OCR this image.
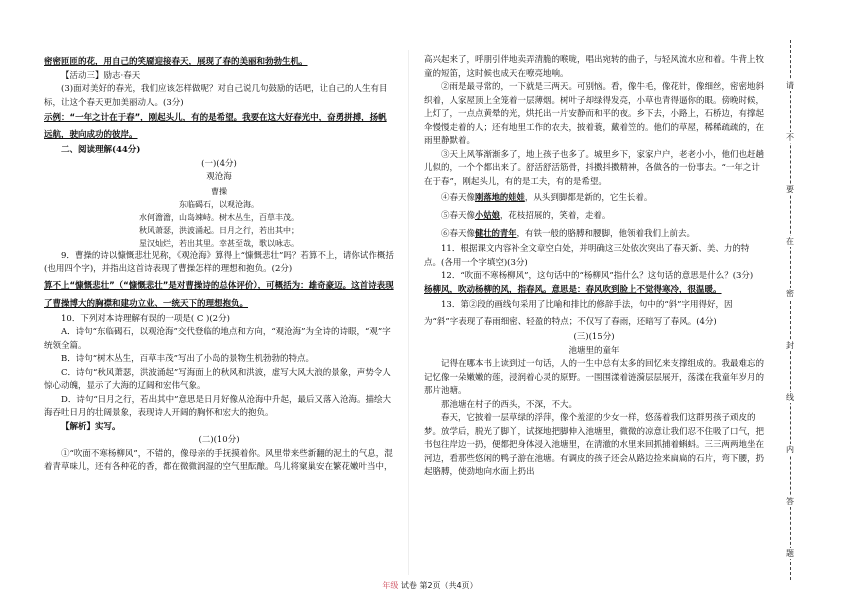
密密匝匝的花，用自己的笑靥迎接春天，展现了春的美丽和勃勃生机。

【活动三】励志·春天

(3)面对美好的春光，我们应该怎样做呢？对自己说几句鼓励的话吧，让自己的人生有目标，让这个春天更加美丽动人。(3分)

示例：“一年之计在于春”，刚起头儿，有的是希望。我要在这大好春光中，奋勇拼搏，扬帆远航，驶向成功的彼岸。

二、阅读理解(44分)

(一)(4分)

观沧海

曹操

东临碣石，以观沧海。

水何澹澹，山岛竦峙。树木丛生，百草丰茂。

秋风萧瑟，洪波涌起。日月之行，若出其中；

星汉灿烂，若出其里。幸甚至哉，歌以咏志。

9．曹操的诗以慷慨悲壮见称，《观沧海》算得上“慷慨悲壮”吗？若算不上，请你试作概括(也用四个字)，并指出这首诗表现了曹操怎样的理想和抱负。(2分)

算不上“慷慨悲壮”（“慷慨悲壮”是对曹操诗的总体评价），可概括为：雄奇豪迈。这首诗表现了曹操博大的胸襟和建功立业、一统天下的理想抱负。

10．下列对本诗理解有误的一项是( C )(2分)

A．诗句“东临碣石，以观沧海”交代登临的地点和方向，“观沧海”为全诗的诗眼，“观”字统领全篇。

B．诗句“树木丛生，百草丰茂”写出了小岛的景物生机勃勃的特点。

C．诗句“秋风萧瑟，洪波涌起”写海面上的秋风和洪波，虚写大风大浪的景象，声势令人惊心动魄，显示了大海的辽阔和宏伟气象。

D．诗句“日月之行，若出其中”意思是日月好像从沧海中升起，最后又落入沧海。描绘大海吞吐日月的壮阔景象，表现诗人开阔的胸怀和宏大的抱负。

【解析】实写。

(二)(10分)

①“吹面不寒杨柳风”，不错的，像母亲的手抚摸着你。风里带来些新翻的泥土的气息，混着青草味儿，还有各种花的香，都在微微润湿的空气里酝酿。鸟儿将窠巢安在繁花嫩叶当中，

高兴起来了，呼朋引伴地卖弄清脆的喉咙，唱出宛转的曲子，与轻风流水应和着。牛背上牧童的短笛，这时候也成天在嘹亮地响。

②雨是最寻常的，一下就是三两天。可别恼。看，像牛毛，像花针，像细丝，密密地斜织着，人家屋顶上全笼着一层薄烟。树叶子却绿得发亮，小草也青得逼你的眼。傍晚时候，上灯了，一点点黄晕的光，烘托出一片安静而和平的夜。乡下去，小路上，石桥边，有撑起伞慢慢走着的人；还有地里工作的农夫，披着蓑，戴着笠的。他们的草屋，稀稀疏疏的，在雨里静默着。

③天上风筝渐渐多了，地上孩子也多了。城里乡下，家家户户，老老小小，他们也赶趟儿似的，一个个都出来了。舒活舒活筋骨，抖擞抖擞精神，各做各的一份事去。“一年之计在于春”，刚起头儿，有的是工夫，有的是希望。

④春天像刚落地的娃娃，从头到脚都是新的，它生长着。

⑤春天像小姑娘，花枝招展的，笑着，走着。

⑥春天像健壮的青年，有铁一般的胳膊和腰脚，他领着我们上前去。

11．根据课文内容补全文章空白处，并明确这三处依次突出了春天新、美、力的特点。(各用一个字填空)(3分)

12．“吹面不寒杨柳风”，这句话中的“杨柳风”指什么？这句话的意思是什么？(3分)

杨柳风，吹动杨柳的风，指春风。意思是：春风吹到脸上不觉得寒冷，很温暖。

13．第②段的画线句采用了比喻和排比的修辞手法，句中的“斜”字用得好，因为“斜”字表现了春雨细密、轻盈的特点；不仅写了春雨，还暗写了春风。(4分)

(三)(15分)

池塘里的童年

记得在哪本书上读到过一句话，人的一生中总有太多的回忆来支撑组成的。我最难忘的记忆像一朵嫩嫩的莲，浸润着心灵的原野。一围围漾着涟漪层层展开，荡漾在我童年岁月的那片池塘。

那池塘在村子的西头，不深，不大。

春天，它披着一层草绿的浮萍，像个羞涩的少女一样，悠荡着我们这群男孩子顽皮的梦。放学后，脱光了脚丫，试探地把脚伸入池塘里，微微的凉意让我们忍不住吸了口气，把书包往岸边一扔，便都把身体浸入池塘里，在清澈的水里来回抓捕着蝌蚪。三三两两地坐在河边，看那些悠闲的鸭子游在池塘。有调皮的孩子还会从路边捡来扁扁的石片，弯下腰，扔起胳膊，使劲地向水面上扔出

请
不
要
在
密
封
线
内
答
题
年级 试卷 第2页（共4页）
